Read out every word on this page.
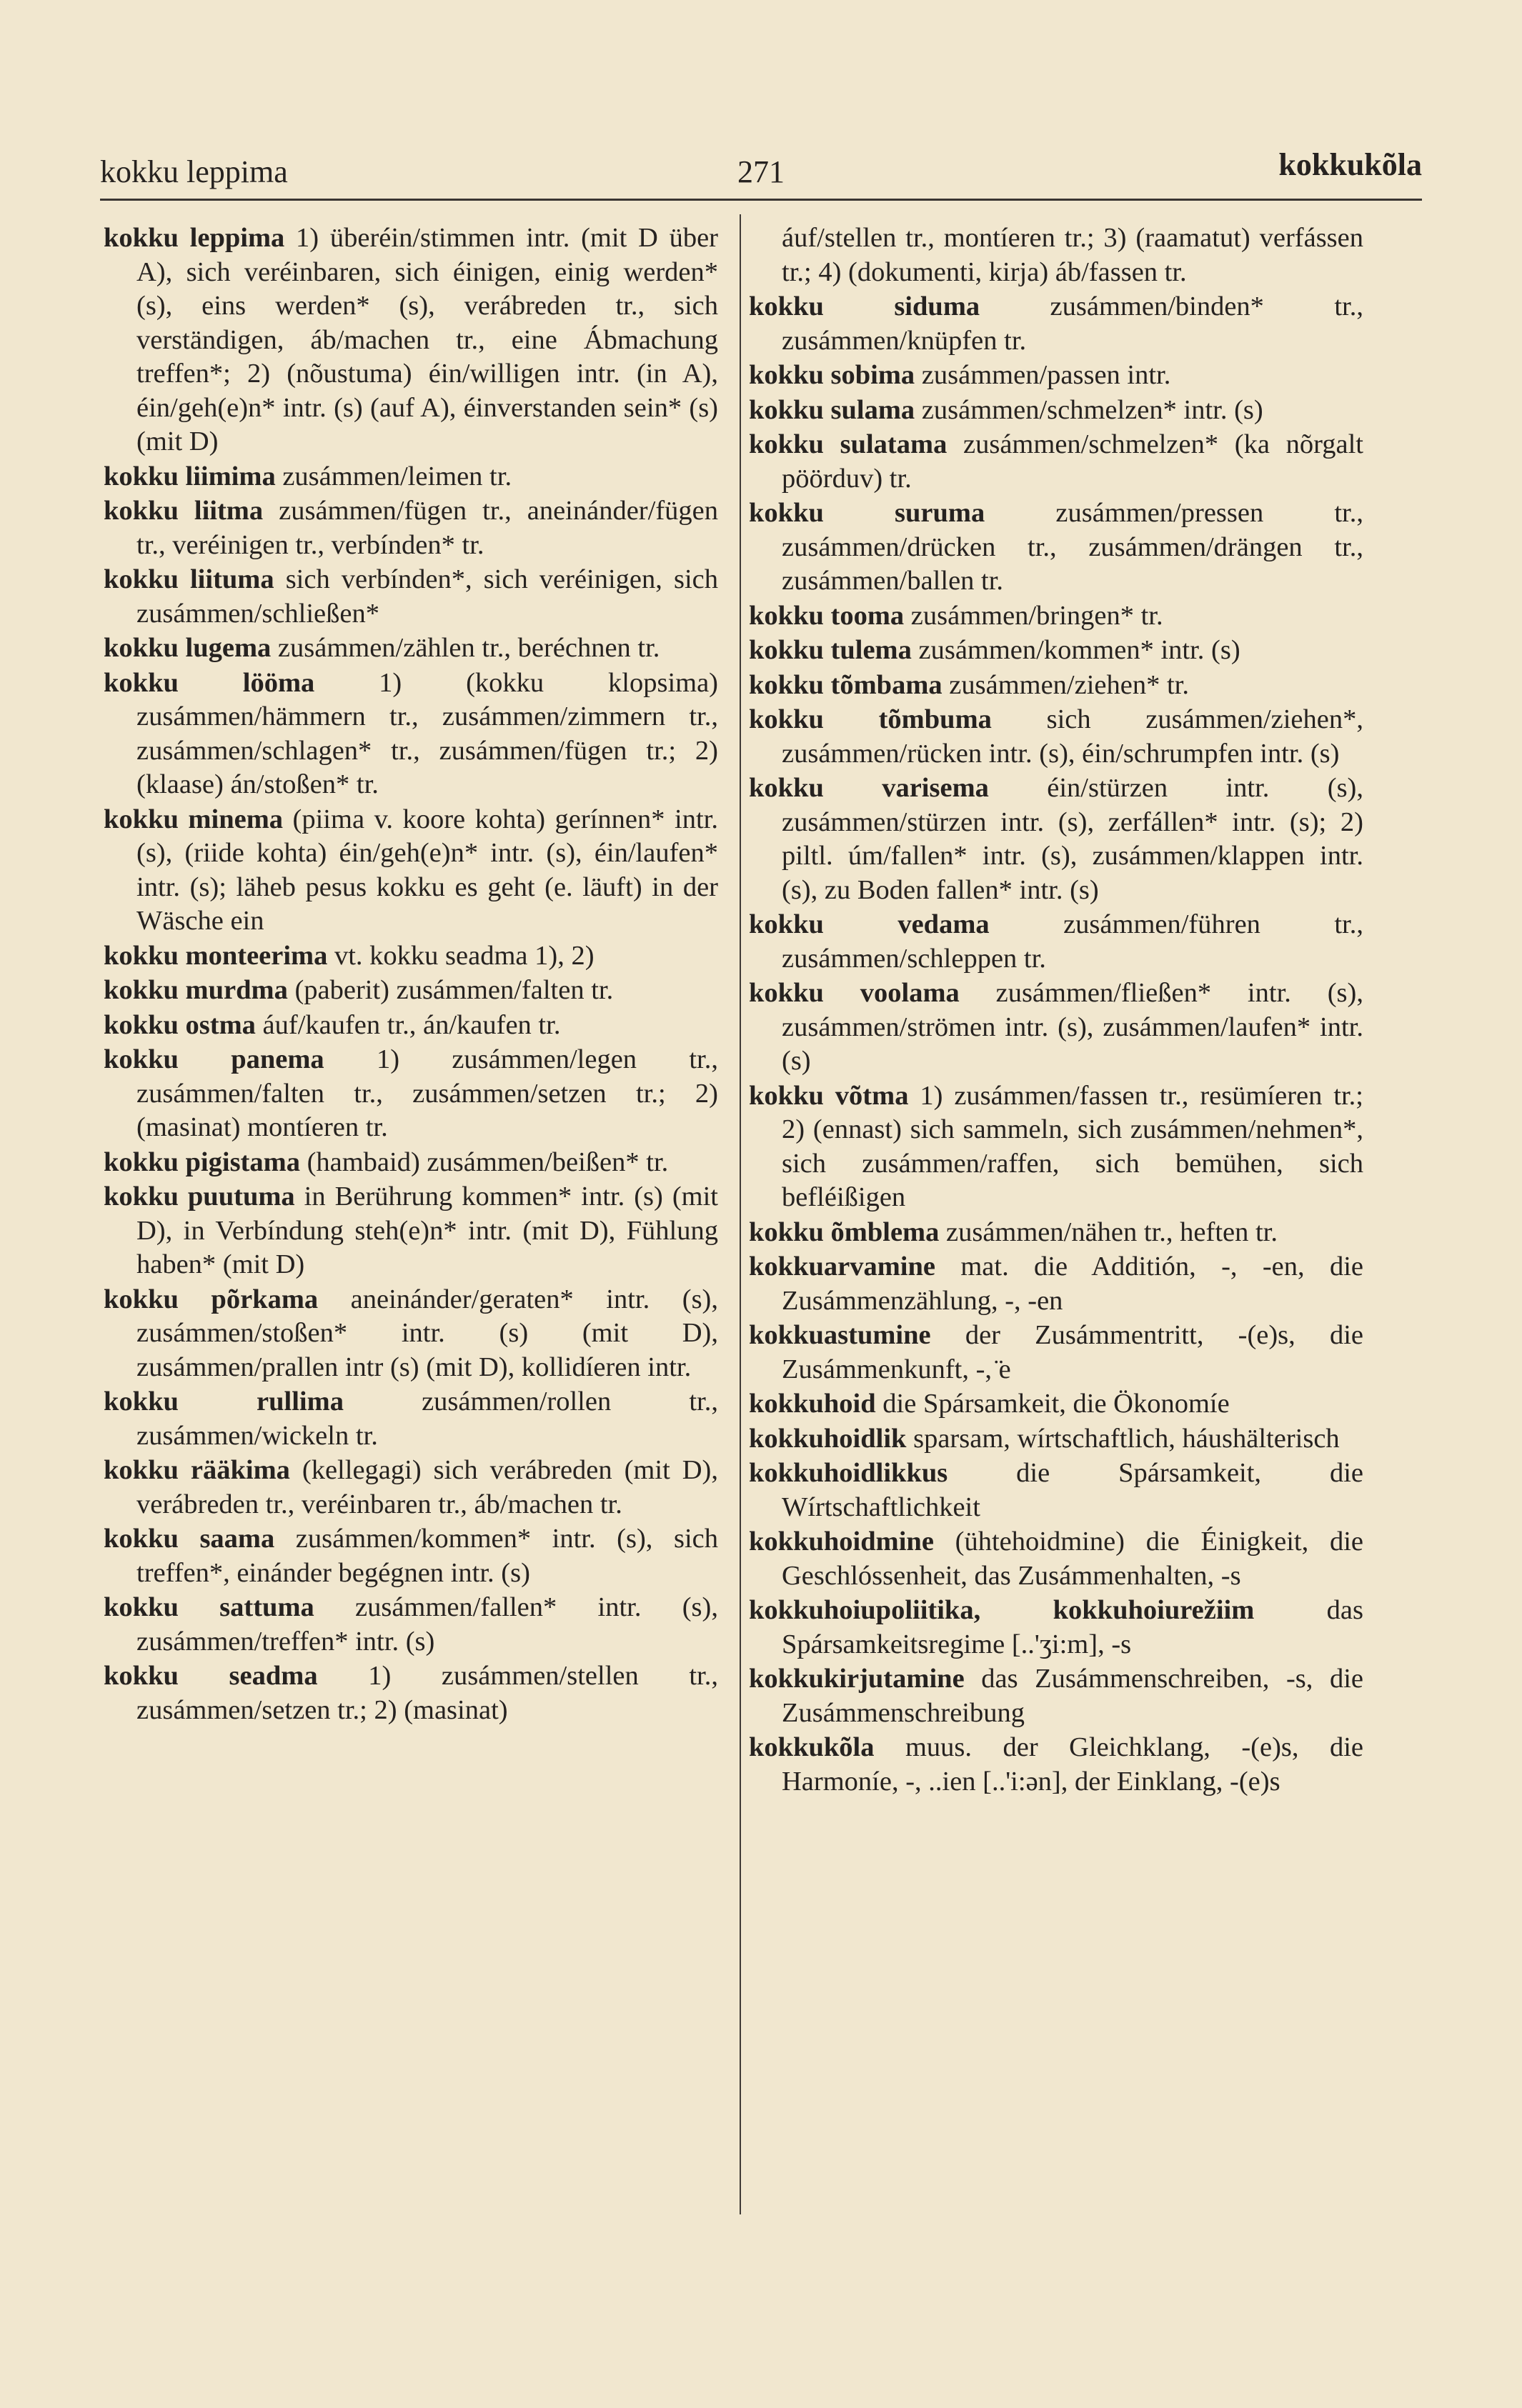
kokku leppima	271	kokkukõla

kokku leppima 1) überéin/stimmen intr. (mit D über A), sich veréinbaren, sich éinigen, einig werden* (s), eins werden* (s), verábreden tr., sich verständigen, áb/machen tr., eine Ábmachung treffen*; 2) (nõustuma) éin/willigen intr. (in A), éin/geh(e)n* intr. (s) (auf A), éinverstanden sein* (s) (mit D)

kokku liimima zusámmen/leimen tr.

kokku liitma zusámmen/fügen tr., aneinánder/fügen tr., veréinigen tr., verbínden* tr.

kokku liituma sich verbínden*, sich veréinigen, sich zusámmen/schließen*

kokku lugema zusámmen/zählen tr., beréchnen tr.

kokku lööma 1) (kokku klopsima) zusámmen/hämmern tr., zusámmen/zimmern tr., zusámmen/schlagen* tr., zusámmen/fügen tr.; 2) (klaase) án/stoßen* tr.

kokku minema (piima v. koore kohta) gerínnen* intr. (s), (riide kohta) éin/geh(e)n* intr. (s), éin/laufen* intr. (s); läheb pesus kokku es geht (e. läuft) in der Wäsche ein

kokku monteerima vt. kokku seadma 1), 2)

kokku murdma (paberit) zusámmen/falten tr.

kokku ostma áuf/kaufen tr., án/kaufen tr.

kokku panema 1) zusámmen/legen tr., zusámmen/falten tr., zusámmen/setzen tr.; 2) (masinat) montíeren tr.

kokku pigistama (hambaid) zusámmen/beißen* tr.

kokku puutuma in Berührung kommen* intr. (s) (mit D), in Verbíndung steh(e)n* intr. (mit D), Fühlung haben* (mit D)

kokku põrkama aneinánder/geraten* intr. (s), zusámmen/stoßen* intr. (s) (mit D), zusámmen/prallen intr (s) (mit D), kollidíeren intr.

kokku rullima zusámmen/rollen tr., zusámmen/wickeln tr.

kokku rääkima (kellegagi) sich verábreden (mit D), verábreden tr., veréinbaren tr., áb/machen tr.

kokku saama zusámmen/kommen* intr. (s), sich treffen*, einánder begégnen intr. (s)

kokku sattuma zusámmen/fallen* intr. (s), zusámmen/treffen* intr. (s)

kokku seadma 1) zusámmen/stellen tr., zusámmen/setzen tr.; 2) (masinat)

áuf/stellen tr., montíeren tr.; 3) (raamatut) verfássen tr.; 4) (dokumenti, kirja) áb/fassen tr.

kokku siduma zusámmen/binden* tr., zusámmen/knüpfen tr.

kokku sobima zusámmen/passen intr.

kokku sulama zusámmen/schmelzen* intr. (s)

kokku sulatama zusámmen/schmelzen* (ka nõrgalt pöörduv) tr.

kokku suruma zusámmen/pressen tr., zusámmen/drücken tr., zusámmen/drängen tr., zusámmen/ballen tr.

kokku tooma zusámmen/bringen* tr.

kokku tulema zusámmen/kommen* intr. (s)

kokku tõmbama zusámmen/ziehen* tr.

kokku tõmbuma sich zusámmen/ziehen*, zusámmen/rücken intr. (s), éin/schrumpfen intr. (s)

kokku varisema éin/stürzen intr. (s), zusámmen/stürzen intr. (s), zerfállen* intr. (s); 2) piltl. úm/fallen* intr. (s), zusámmen/klappen intr. (s), zu Boden fallen* intr. (s)

kokku vedama zusámmen/führen tr., zusámmen/schleppen tr.

kokku voolama zusámmen/fließen* intr. (s), zusámmen/strömen intr. (s), zusámmen/laufen* intr. (s)

kokku võtma 1) zusámmen/fassen tr., resümíeren tr.; 2) (ennast) sich sammeln, sich zusámmen/nehmen*, sich zusámmen/raffen, sich bemühen, sich befléißigen

kokku õmblema zusámmen/nähen tr., heften tr.

kokkuarvamine mat. die Additión, -, -en, die Zusámmenzählung, -, -en

kokkuastumine der Zusámmentritt, -(e)s, die Zusámmenkunft, -, ̈e

kokkuhoid die Spársamkeit, die Ökonomíe

kokkuhoidlik sparsam, wírtschaftlich, háushälterisch

kokkuhoidlikkus die Spársamkeit, die Wírtschaftlichkeit

kokkuhoidmine (ühtehoidmine) die Éinigkeit, die Geschlóssenheit, das Zusámmenhalten, -s

kokkuhoiupoliitika, kokkuhoiurežiim das Spársamkeitsregime [..'ʒi:m], -s

kokkukirjutamine das Zusámmenschreiben, -s, die Zusámmenschreibung

kokkukõla muus. der Gleichklang, -(e)s, die Harmoníe, -, ..ien [..'i:ən], der Einklang, -(e)s
